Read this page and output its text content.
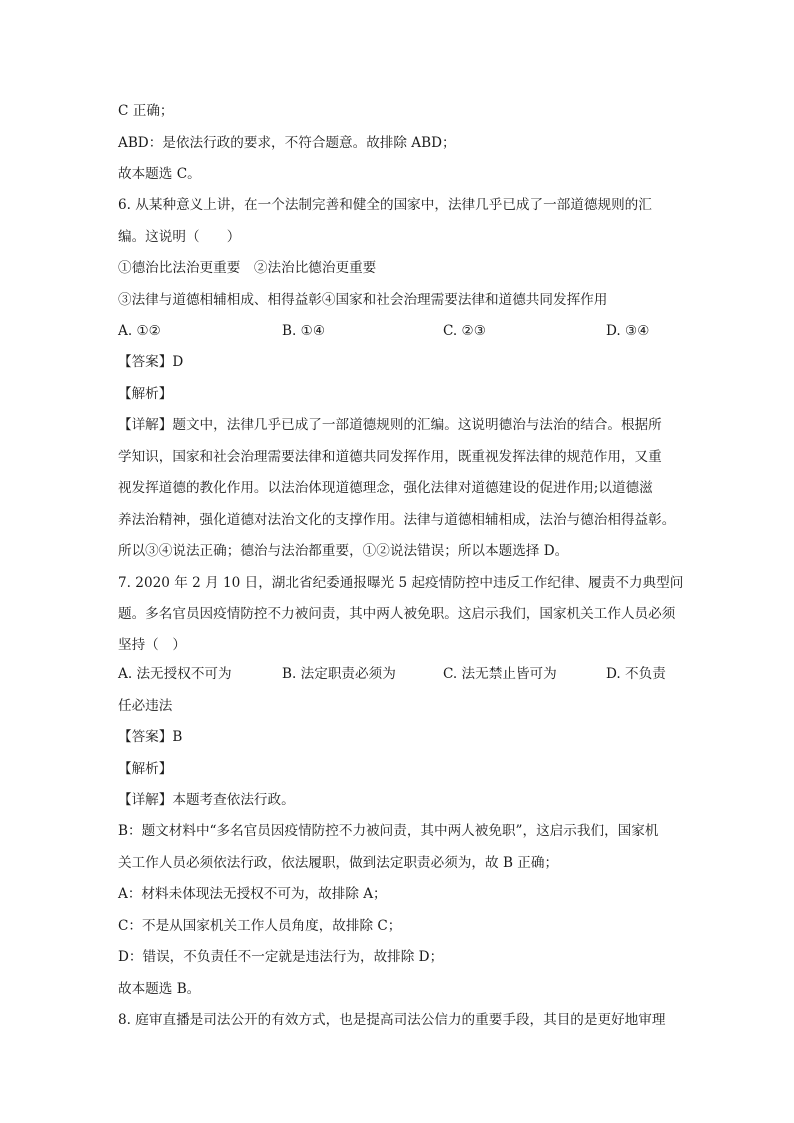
C 正确；
ABD：是依法行政的要求，不符合题意。故排除 ABD；
故本题选 C。
6. 从某种意义上讲，在一个法制完善和健全的国家中，法律几乎已成了一部道德规则的汇
编。这说明（　　）
①德治比法治更重要　②法治比德治更重要
③法律与道德相辅相成、相得益彰④国家和社会治理需要法律和道德共同发挥作用
A. ①②	B. ①④	C. ②③	D. ③④
【答案】D
【解析】
【详解】题文中，法律几乎已成了一部道德规则的汇编。这说明德治与法治的结合。根据所
学知识，国家和社会治理需要法律和道德共同发挥作用，既重视发挥法律的规范作用，又重
视发挥道德的教化作用。以法治体现道德理念，强化法律对道德建设的促进作用;以道德滋
养法治精神，强化道德对法治文化的支撑作用。法律与道德相辅相成，法治与德治相得益彰。
所以③④说法正确；德治与法治都重要，①②说法错误；所以本题选择 D。
7. 2020 年 2 月 10 日，湖北省纪委通报曝光 5 起疫情防控中违反工作纪律、履责不力典型问
题。多名官员因疫情防控不力被问责，其中两人被免职。这启示我们，国家机关工作人员必须
坚持（　）
A. 法无授权不可为	B. 法定职责必须为	C. 法无禁止皆可为	D. 不负责
任必违法
【答案】B
【解析】
【详解】本题考查依法行政。
B：题文材料中“多名官员因疫情防控不力被问责，其中两人被免职”，这启示我们，国家机
关工作人员必须依法行政，依法履职，做到法定职责必须为，故 B 正确；
A：材料未体现法无授权不可为，故排除 A；
C：不是从国家机关工作人员角度，故排除 C；
D：错误，不负责任不一定就是违法行为，故排除 D；
故本题选 B。
8. 庭审直播是司法公开的有效方式，也是提高司法公信力的重要手段，其目的是更好地审理
